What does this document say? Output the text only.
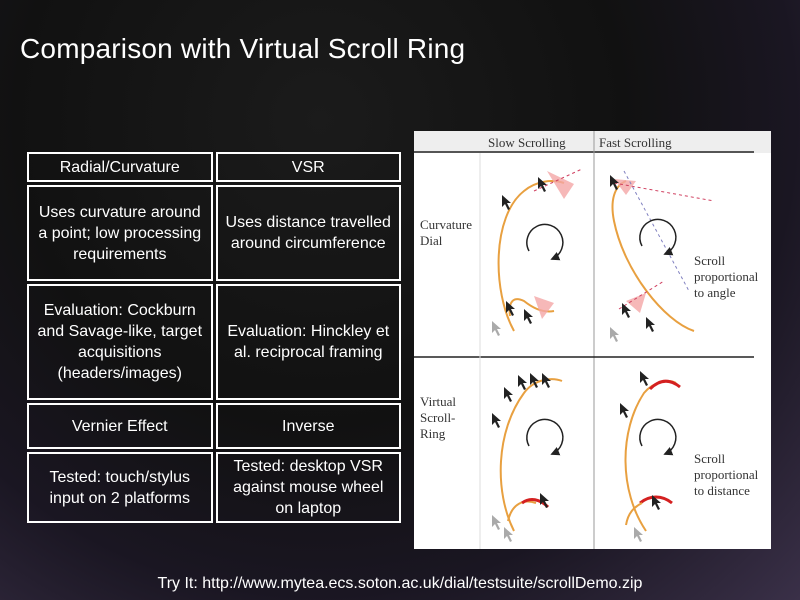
Comparison with Virtual Scroll Ring
Radial/Curvature	VSR
Uses curvature around a point; low processing requirements	Uses distance travelled around circumference
Evaluation: Cockburn and Savage-like, target acquisitions (headers/images)	Evaluation: Hinckley et al. reciprocal framing
Vernier Effect	Inverse
Tested: touch/stylus input on 2 platforms	Tested: desktop VSR against mouse wheel on laptop
Slow Scrolling	Fast Scrolling
Curvature
Dial
Virtual
Scroll-
Ring
Scroll
proportional
to angle
Scroll
proportional
to distance
Try It: http://www.mytea.ecs.soton.ac.uk/dial/testsuite/scrollDemo.zip
